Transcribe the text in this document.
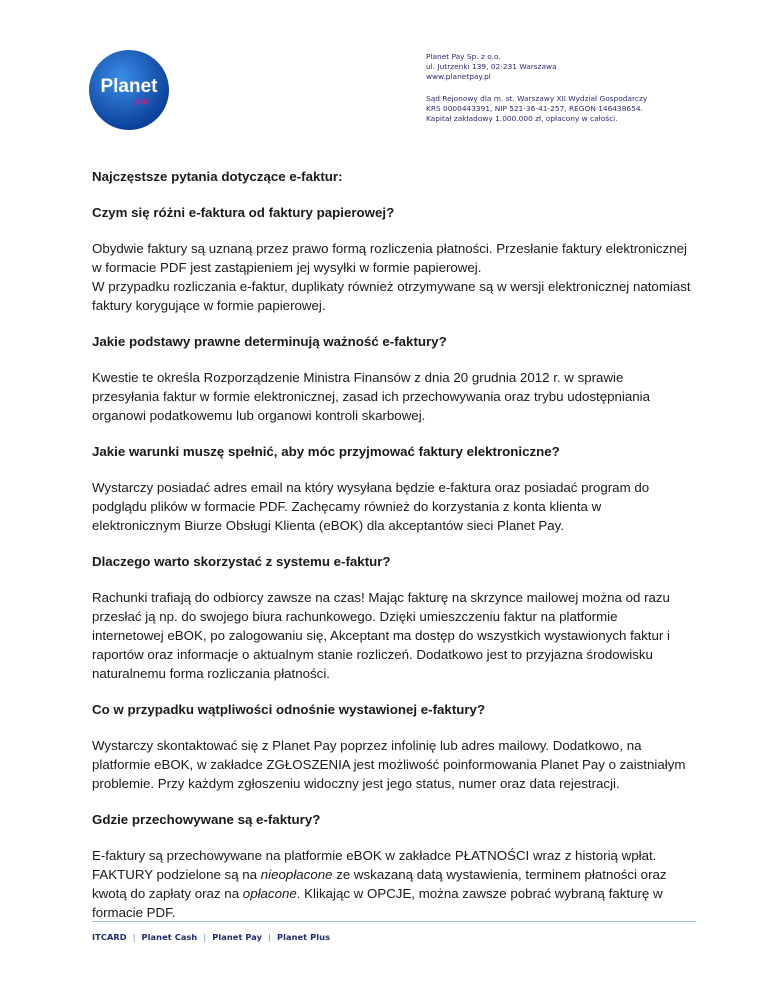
Planet
pay
Planet Pay Sp. z o.o.
ul. Jutrzenki 139, 02-231 Warszawa
www.planetpay.pl
Sąd Rejonowy dla m. st. Warszawy XII Wydział Gospodarczy
KRS 0000443391, NIP 521-36-41-257, REGON 146438654.
Kapitał zakładowy 1.000.000 zł, opłacony w całości.
Najczęstsze pytania dotyczące e-faktur:
Czym się różni e-faktura od faktury papierowej?
Obydwie faktury są uznaną przez prawo formą rozliczenia płatności. Przesłanie faktury elektronicznej w formacie PDF jest zastąpieniem jej wysyłki w formie papierowej.
W przypadku rozliczania e-faktur, duplikaty również otrzymywane są w wersji elektronicznej natomiast faktury korygujące w formie papierowej.
Jakie podstawy prawne determinują ważność e-faktury?
Kwestie te określa Rozporządzenie Ministra Finansów z dnia 20 grudnia 2012 r. w sprawie przesyłania faktur w formie elektronicznej, zasad ich przechowywania oraz trybu udostępniania organowi podatkowemu lub organowi kontroli skarbowej.
Jakie warunki muszę spełnić, aby móc przyjmować faktury elektroniczne?
Wystarczy posiadać adres email na który wysyłana będzie e-faktura oraz posiadać program do podglądu plików w formacie PDF. Zachęcamy również do korzystania z konta klienta w elektronicznym Biurze Obsługi Klienta (eBOK) dla akceptantów sieci Planet Pay.
Dlaczego warto skorzystać z systemu e-faktur?
Rachunki trafiają do odbiorcy zawsze na czas! Mając fakturę na skrzynce mailowej można od razu przesłać ją np. do swojego biura rachunkowego. Dzięki umieszczeniu faktur na platformie internetowej eBOK, po zalogowaniu się, Akceptant ma dostęp do wszystkich wystawionych faktur i raportów oraz informacje o aktualnym stanie rozliczeń. Dodatkowo jest to przyjazna środowisku naturalnemu forma rozliczania płatności.
Co w przypadku wątpliwości odnośnie wystawionej e-faktury?
Wystarczy skontaktować się z Planet Pay poprzez infolinię lub adres mailowy. Dodatkowo, na platformie eBOK, w zakładce ZGŁOSZENIA jest możliwość poinformowania Planet Pay o zaistniałym problemie. Przy każdym zgłoszeniu widoczny jest jego status, numer oraz data rejestracji.
Gdzie przechowywane są e-faktury?
E-faktury są przechowywane na platformie eBOK w zakładce PŁATNOŚCI wraz z historią wpłat. FAKTURY podzielone są na nieopłacone ze wskazaną datą wystawienia, terminem płatności oraz kwotą do zapłaty oraz na opłacone. Klikając w OPCJE, można zawsze pobrać wybraną fakturę w formacie PDF.
ITCARD | Planet Cash | Planet Pay | Planet Plus
